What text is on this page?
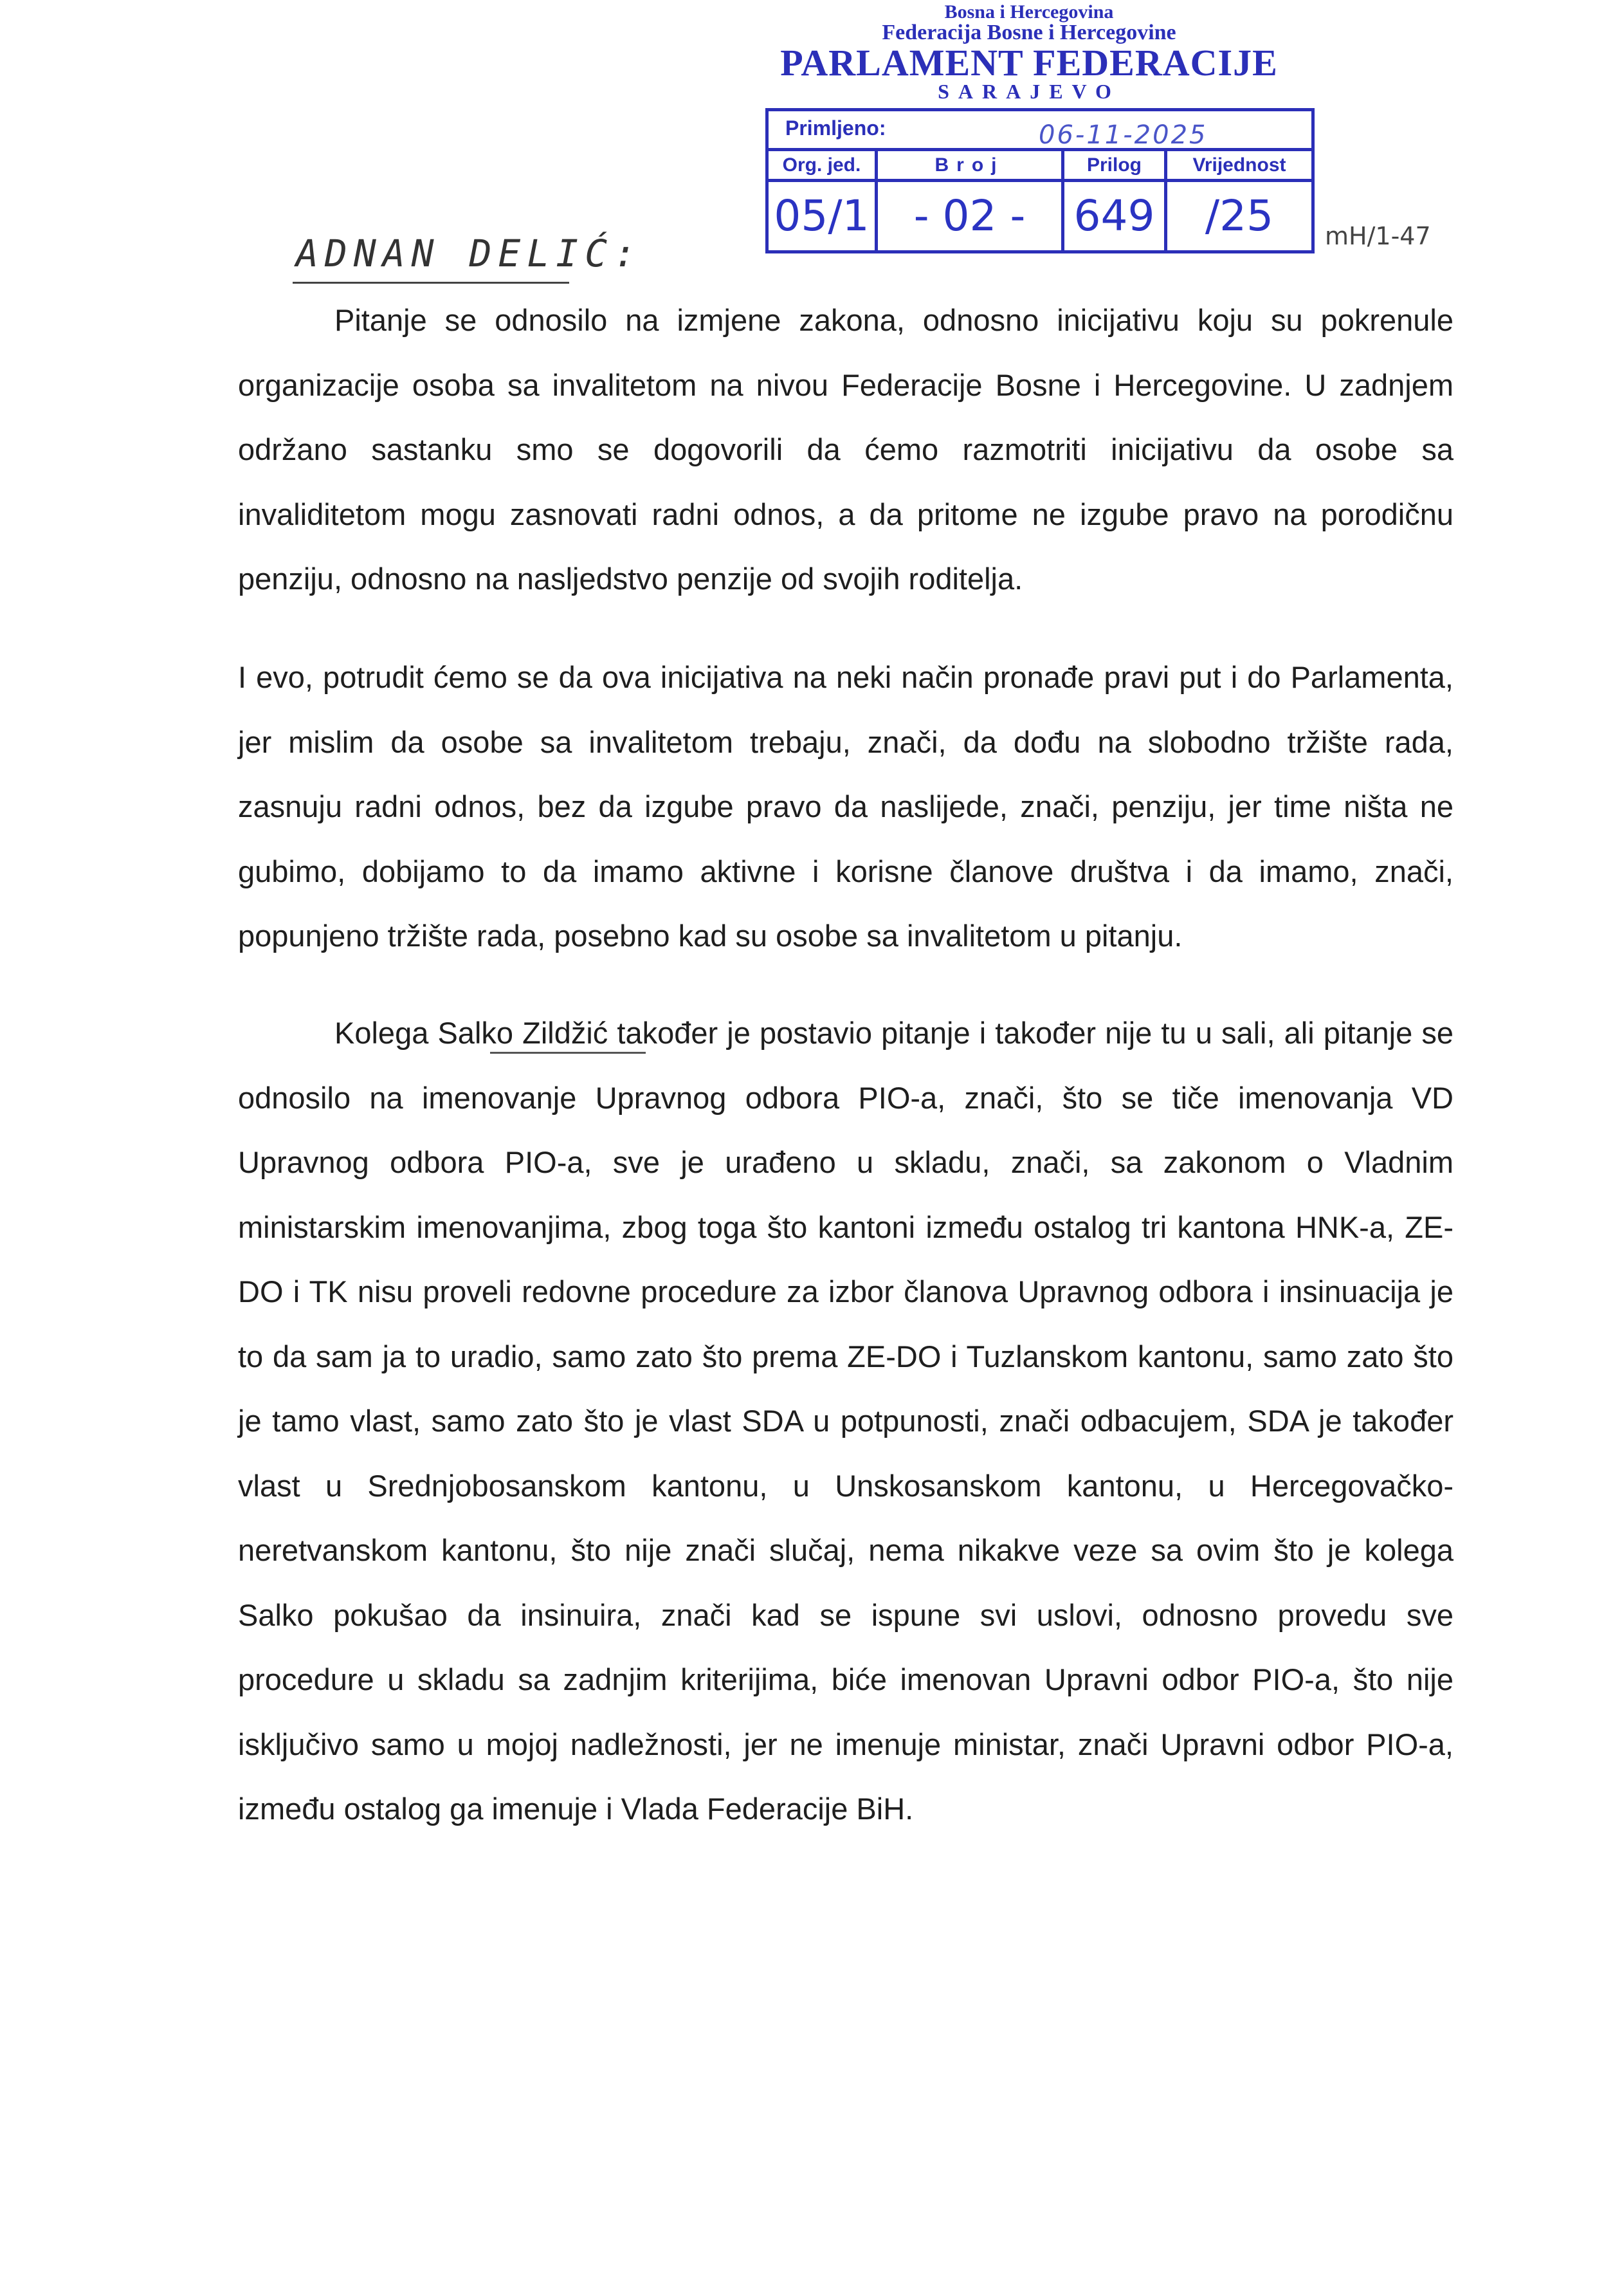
Bosna i Hercegovina
Federacija Bosne i Hercegovine
PARLAMENT FEDERACIJE
SARAJEVO
Primljeno:	06-11-2025
Org. jed.	Broj	Prilog	Vrijednost
05/1	- 02 -	649	/25	mH/1-47
ADNAN DELIĆ:
Pitanje se odnosilo na izmjene zakona, odnosno inicijativu koju su pokrenule organizacije osoba sa invalitetom na nivou Federacije Bosne i Hercegovine. U zadnjem održano sastanku smo se dogovorili da ćemo razmotriti inicijativu da osobe sa invaliditetom mogu zasnovati radni odnos, a da pritome ne izgube pravo na porodičnu penziju, odnosno na nasljedstvo penzije od svojih roditelja.
I evo, potrudit ćemo se da ova inicijativa na neki način pronađe pravi put i do Parlamenta, jer mislim da osobe sa invalitetom trebaju, znači, da dođu na slobodno tržište rada, zasnuju radni odnos, bez da izgube pravo da naslijede, znači, penziju, jer time ništa ne gubimo, dobijamo to da imamo aktivne i korisne članove društva i da imamo, znači, popunjeno tržište rada, posebno kad su osobe sa invalitetom u pitanju.
Kolega Salko Zildžić također je postavio pitanje i također nije tu u sali, ali pitanje se odnosilo na imenovanje Upravnog odbora PIO-a, znači, što se tiče imenovanja VD Upravnog odbora PIO-a, sve je urađeno u skladu, znači, sa zakonom o Vladnim ministarskim imenovanjima, zbog toga što kantoni između ostalog tri kantona HNK-a, ZE-DO i TK nisu proveli redovne procedure za izbor članova Upravnog odbora i insinuacija je to da sam ja to uradio, samo zato što prema ZE-DO i Tuzlanskom kantonu, samo zato što je tamo vlast, samo zato što je vlast SDA u potpunosti, znači odbacujem, SDA je također vlast u Srednjobosanskom kantonu, u Unskosanskom kantonu, u Hercegovačko-neretvanskom kantonu, što nije znači slučaj, nema nikakve veze sa ovim što je kolega Salko pokušao da insinuira, znači kad se ispune svi uslovi, odnosno provedu sve procedure u skladu sa zadnjim kriterijima, biće imenovan Upravni odbor PIO-a, što nije isključivo samo u mojoj nadležnosti, jer ne imenuje ministar, znači Upravni odbor PIO-a, između ostalog ga imenuje i Vlada Federacije BiH.
